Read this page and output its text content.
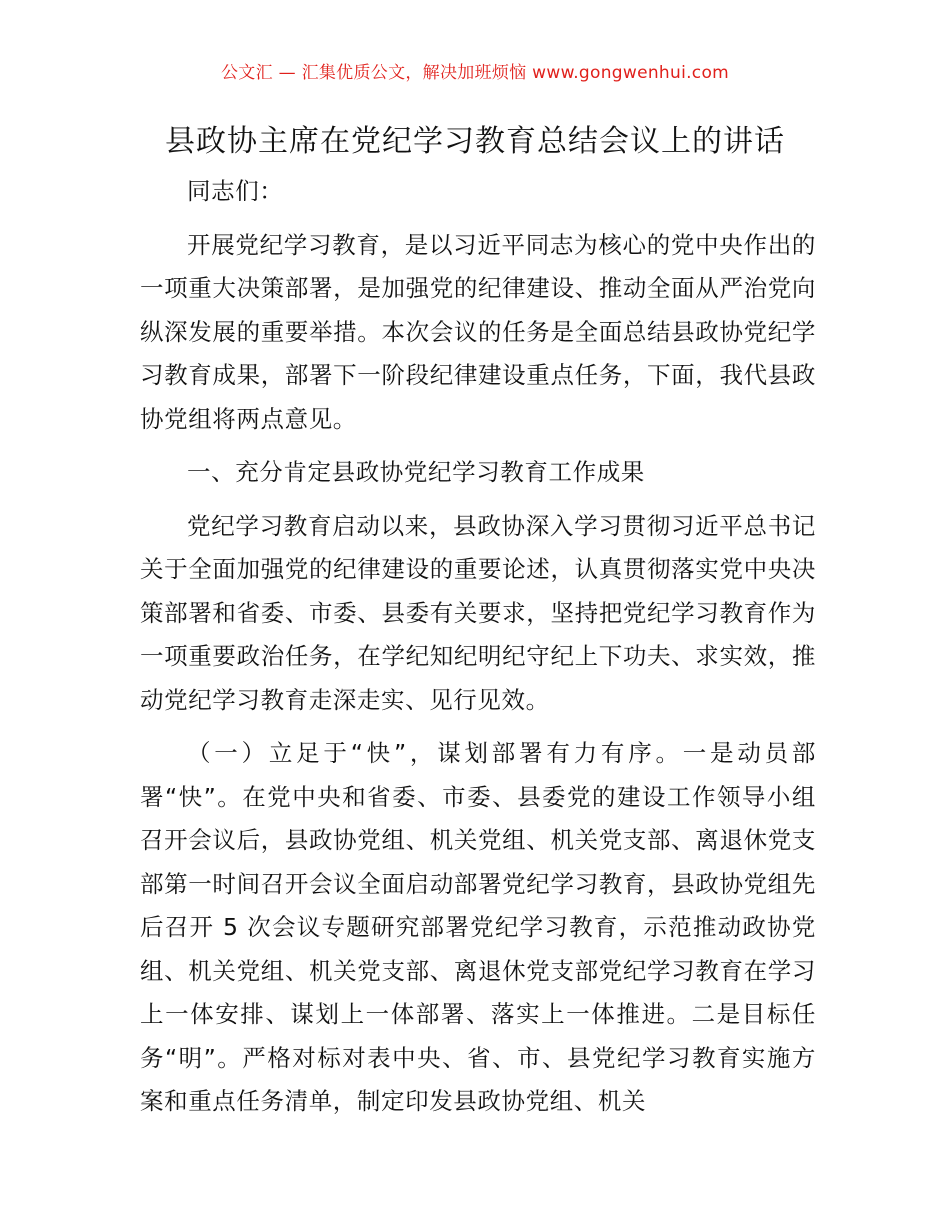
公文汇 — 汇集优质公文，解决加班烦恼 www.gongwenhui.com
县政协主席在党纪学习教育总结会议上的讲话

同志们：

开展党纪学习教育，是以习近平同志为核心的党中央作出的一项重大决策部署，是加强党的纪律建设、推动全面从严治党向纵深发展的重要举措。本次会议的任务是全面总结县政协党纪学习教育成果，部署下一阶段纪律建设重点任务，下面，我代县政协党组将两点意见。

一、充分肯定县政协党纪学习教育工作成果

党纪学习教育启动以来，县政协深入学习贯彻习近平总书记关于全面加强党的纪律建设的重要论述，认真贯彻落实党中央决策部署和省委、市委、县委有关要求，坚持把党纪学习教育作为一项重要政治任务，在学纪知纪明纪守纪上下功夫、求实效，推动党纪学习教育走深走实、见行见效。

（一）立足于“快”，谋划部署有力有序。一是动员部署“快”。在党中央和省委、市委、县委党的建设工作领导小组召开会议后，县政协党组、机关党组、机关党支部、离退休党支部第一时间召开会议全面启动部署党纪学习教育，县政协党组先后召开 5 次会议专题研究部署党纪学习教育，示范推动政协党组、机关党组、机关党支部、离退休党支部党纪学习教育在学习上一体安排、谋划上一体部署、落实上一体推进。二是目标任务“明”。严格对标对表中央、省、市、县党纪学习教育实施方案和重点任务清单，制定印发县政协党组、机关
